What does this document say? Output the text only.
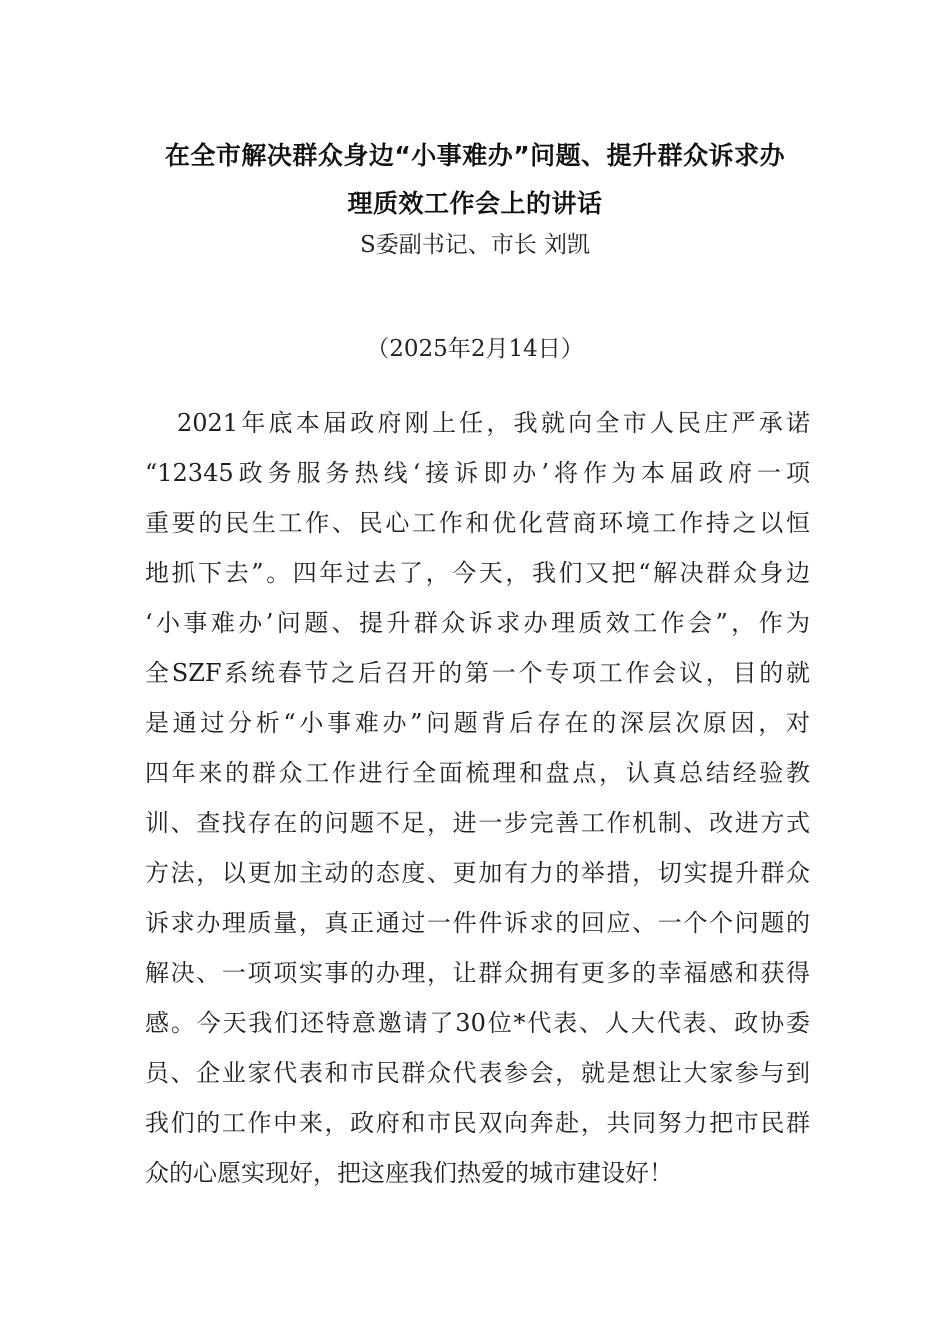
在全市解决群众身边“小事难办”问题、提升群众诉求办
理质效工作会上的讲话
S委副书记、市长 刘凯
（2025年2月14日）
2021年底本届政府刚上任，我就向全市人民庄严承诺
“12345政务服务热线‘接诉即办’将作为本届政府一项
重要的民生工作、民心工作和优化营商环境工作持之以恒
地抓下去”。四年过去了，今天，我们又把“解决群众身边
‘小事难办’问题、提升群众诉求办理质效工作会”，作为
全SZF系统春节之后召开的第一个专项工作会议，目的就
是通过分析“小事难办”问题背后存在的深层次原因，对
四年来的群众工作进行全面梳理和盘点，认真总结经验教
训、查找存在的问题不足，进一步完善工作机制、改进方式
方法，以更加主动的态度、更加有力的举措，切实提升群众
诉求办理质量，真正通过一件件诉求的回应、一个个问题的
解决、一项项实事的办理，让群众拥有更多的幸福感和获得
感。今天我们还特意邀请了30位*代表、人大代表、政协委
员、企业家代表和市民群众代表参会，就是想让大家参与到
我们的工作中来，政府和市民双向奔赴，共同努力把市民群
众的心愿实现好，把这座我们热爱的城市建设好！
